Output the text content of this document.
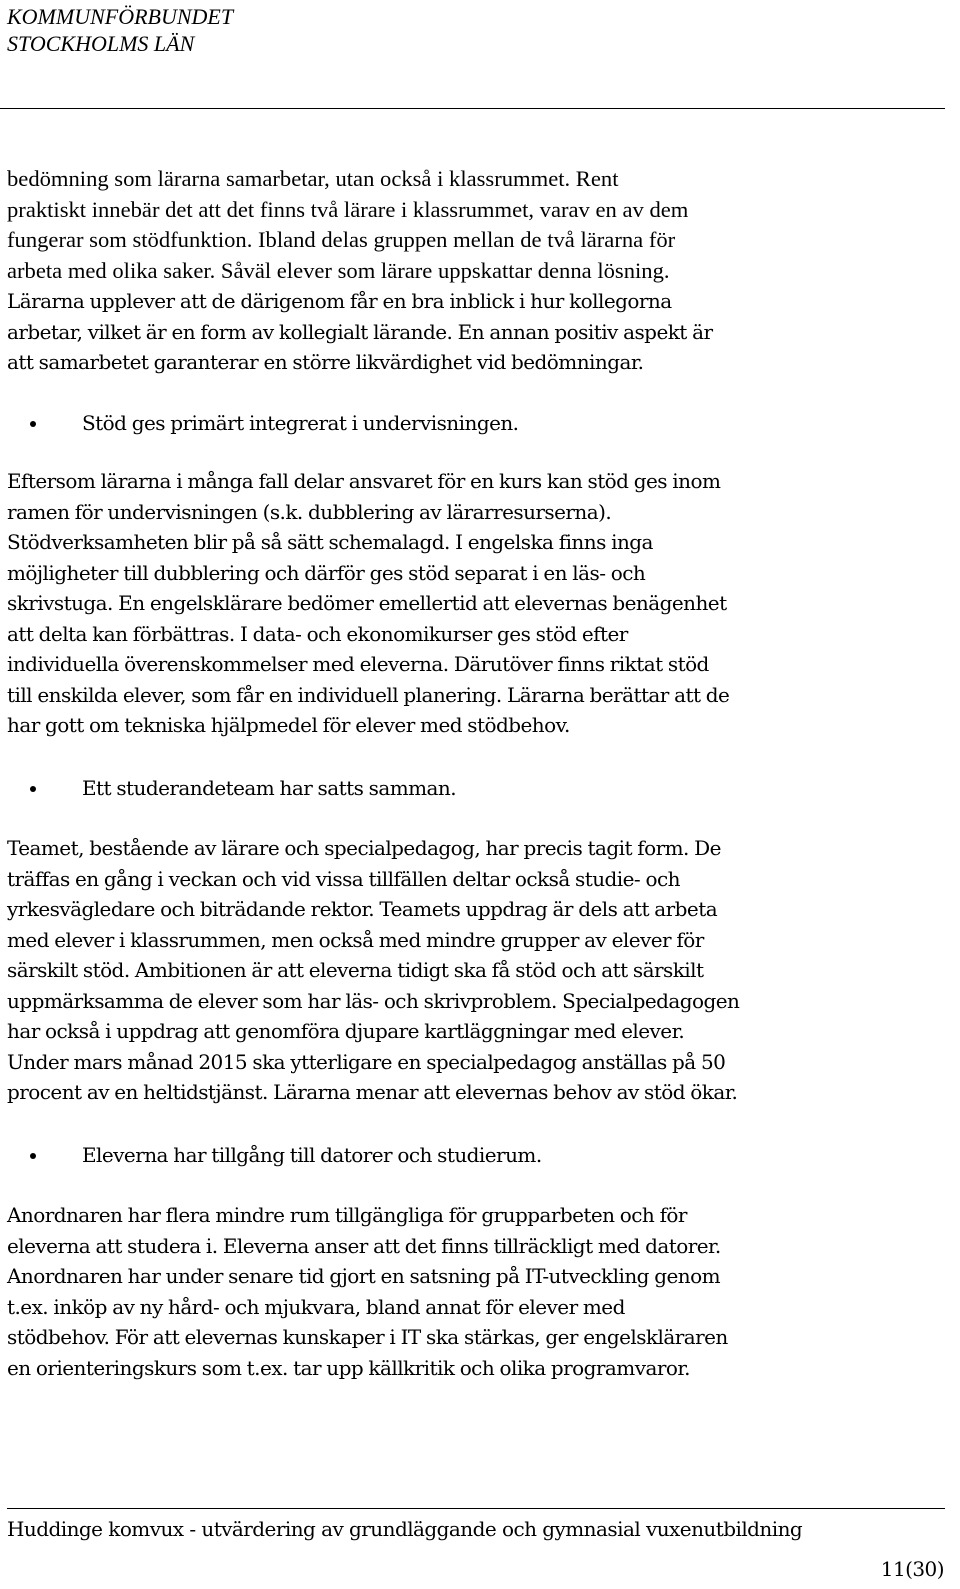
KOMMUNFÖRBUNDET
STOCKHOLMS LÄN
bedömning som lärarna samarbetar, utan också i klassrummet. Rent
praktiskt innebär det att det finns två lärare i klassrummet, varav en av dem
fungerar som stödfunktion. Ibland delas gruppen mellan de två lärarna för
arbeta med olika saker. Såväl elever som lärare uppskattar denna lösning.
Lärarna upplever att de därigenom får en bra inblick i hur kollegorna
arbetar, vilket är en form av kollegialt lärande. En annan positiv aspekt är
att samarbetet garanterar en större likvärdighet vid bedömningar.
Stöd ges primärt integrerat i undervisningen.
Eftersom lärarna i många fall delar ansvaret för en kurs kan stöd ges inom
ramen för undervisningen (s.k. dubblering av lärarresurserna).
Stödverksamheten blir på så sätt schemalagd. I engelska finns inga
möjligheter till dubblering och därför ges stöd separat i en läs- och
skrivstuga. En engelsklärare bedömer emellertid att elevernas benägenhet
att delta kan förbättras. I data- och ekonomikurser ges stöd efter
individuella överenskommelser med eleverna. Därutöver finns riktat stöd
till enskilda elever, som får en individuell planering. Lärarna berättar att de
har gott om tekniska hjälpmedel för elever med stödbehov.
Ett studerandeteam har satts samman.
Teamet, bestående av lärare och specialpedagog, har precis tagit form. De
träffas en gång i veckan och vid vissa tillfällen deltar också studie- och
yrkesvägledare och biträdande rektor. Teamets uppdrag är dels att arbeta
med elever i klassrummen, men också med mindre grupper av elever för
särskilt stöd. Ambitionen är att eleverna tidigt ska få stöd och att särskilt
uppmärksamma de elever som har läs- och skrivproblem. Specialpedagogen
har också i uppdrag att genomföra djupare kartläggningar med elever.
Under mars månad 2015 ska ytterligare en specialpedagog anställas på 50
procent av en heltidstjänst. Lärarna menar att elevernas behov av stöd ökar.
Eleverna har tillgång till datorer och studierum.
Anordnaren har flera mindre rum tillgängliga för grupparbeten och för
eleverna att studera i. Eleverna anser att det finns tillräckligt med datorer.
Anordnaren har under senare tid gjort en satsning på IT-utveckling genom
t.ex. inköp av ny hård- och mjukvara, bland annat för elever med
stödbehov. För att elevernas kunskaper i IT ska stärkas, ger engelskläraren
en orienteringskurs som t.ex. tar upp källkritik och olika programvaror.
Huddinge komvux - utvärdering av grundläggande och gymnasial vuxenutbildning
11(30)
